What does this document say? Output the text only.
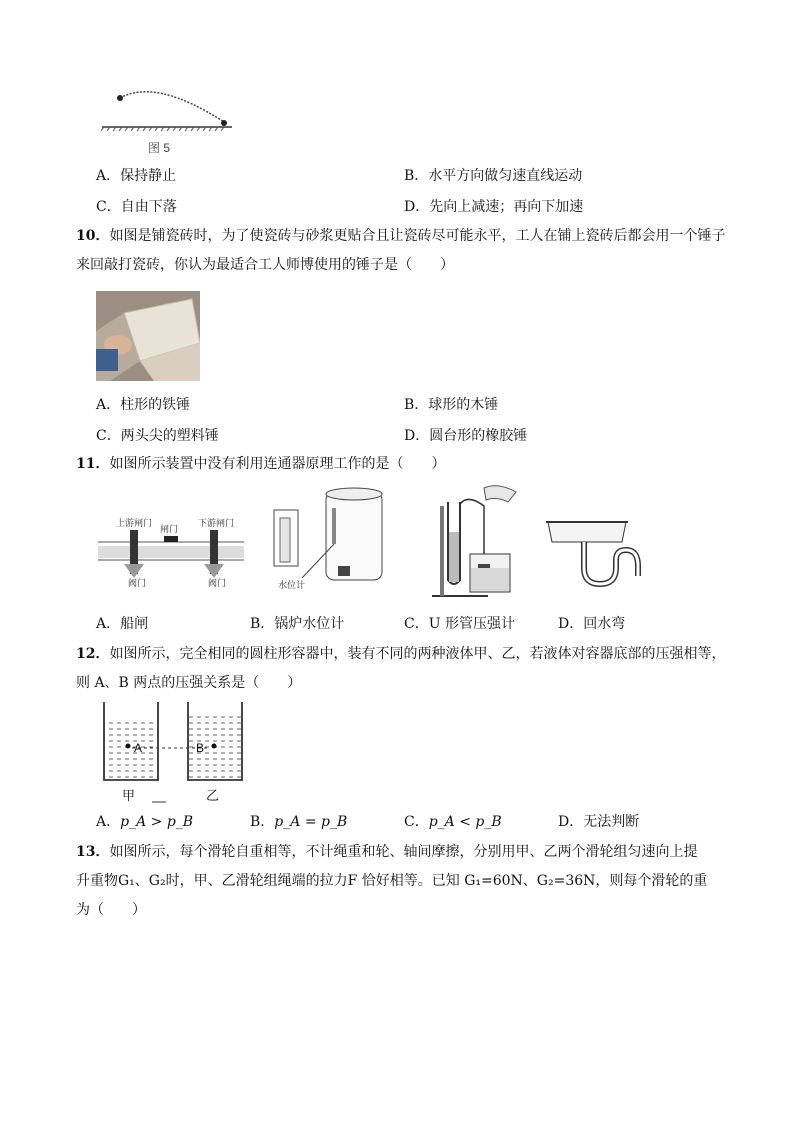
图 5
A．保持静止	B．水平方向做匀速直线运动
C．自由下落	D．先向上减速；再向下加速
10．如图是铺瓷砖时，为了使瓷砖与砂浆更贴合且让瓷砖尽可能永平，工人在铺上瓷砖后都会用一个锤子来回敲打瓷砖，你认为最适合工人师博使用的锤子是（　　）
A．柱形的铁锤	B．球形的木锤
C．两头尖的塑料锤	D．圆台形的橡胶锤
11．如图所示装置中没有利用连通器原理工作的是（　　）
上游闸门
闸门
下游闸门
阀门	阀门	水位计
A．船闸	B．锅炉水位计	C．U 形管压强计	D．回水弯
12．如图所示，完全相同的圆柱形容器中，装有不同的两种液体甲、乙，若液体对容器底部的压强相等，则 A、B 两点的压强关系是（　　）
A	B
甲	乙
A．p_A > p_B	B．p_A = p_B	C．p_A < p_B	D．无法判断
13．如图所示，每个滑轮自重相等，不计绳重和轮、轴间摩擦，分别用甲、乙两个滑轮组匀速向上提
升重物G₁、G₂时，甲、乙滑轮组绳端的拉力F 恰好相等。已知 G₁=60N、G₂=36N，则每个滑轮的重
为（　　）
